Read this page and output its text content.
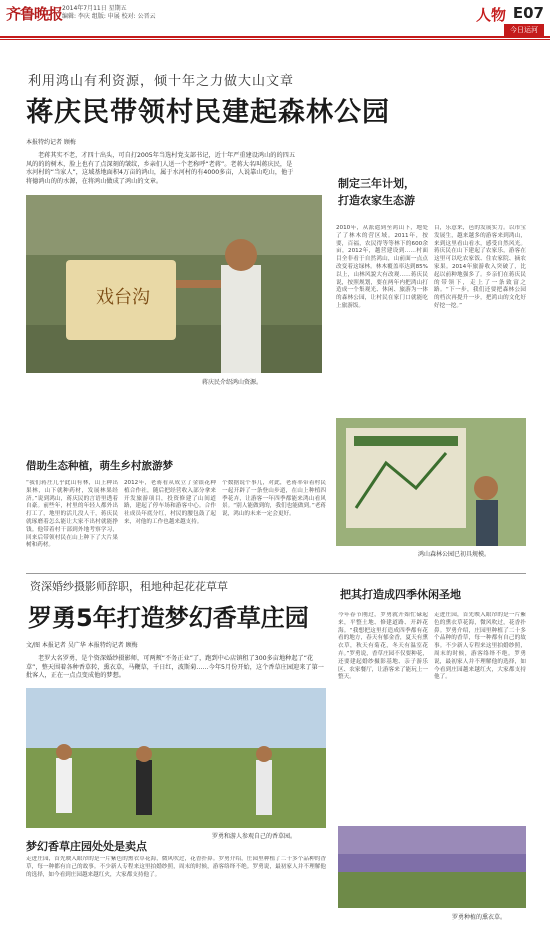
齐鲁晚报 2014年7月11日 星期五
编辑: 李庆 组版: 申展 校对: 公晋云	人物 E07
今日运河
利用鸿山有利资源，倾十年之力做大山文章
蒋庆民带领村民建起森林公园
本报特约记者 顾梅
老蒋其实不老，才四十出头，可自打2005年当选村党支部书记，近十年严重建设鸿山的的四五风的的的树木，脸上也有了点深刻的皱纹，乡亲们人送一个老称呼“老蒋”。老蒋大名叫蒋庆民，是水河村的“当家人”，这域基地面积4万亩的鸿山，属于水河村的有4000多亩，人说靠山吃山，他于将德鸿山的的水源，在将鸿山做成了鸿山的文章。	制定三年计划，
打造农家生态游
戏台沟
蒋庆民介绍鸿山资源。
2010年，从派遣到至鸿山下，地处了了林木的营区域。2011年，按要，百福，农民得等等林下的600余亩，2012年，越营建设到……村面目全非看于自然鸿山，山前面一点点改变着这绿林。林木覆盖率达到85%以上，山林风貌大有改观……蒋庆民说，按照规划，要在两年内把鸿山打造成一个集观光、休闲、旅游为一体的森林公园，让村民在家门口就能吃上旅游饭。
目，乐意来，邑的发展实力。以市宝发展生，越来越多的游客来到鸿山，来到这里看山看水，感受自然风光。蒋庆民在山下建起了农家乐，游客在这里可以吃农家饭、住农家院、摘农家果。2014年旅游收入突破了，比起以前种地强多了。乡亲们在蒋庆民的带领下，走上了一条致富之路。“下一步，我们还要把森林公园的档次再提升一步，把鸿山的文化好好挖一挖。”
鸿山森林公园已初具规模。
借助生态种植，萌生乡村旅游梦
“我们蒋庄几乎此山有林，山上种出果林，山下就种药材，发展林果经济。”说到鸿山，蒋庆民的言语里透着自豪。前些年，村里的年轻人都外出打工了，地里的活儿没人干，蒋庆民就琢磨着怎么能让大家不出村就能挣钱。他带着村干部到外地考察学习，回来后带领村民在山上种下了大片果树和药材。
2012年，老蒋看从成立了金银花种植合作社，随后把经营收入部分拿来开发旅游项目，投资修建了山间道路，建起了停车场和游客中心。合作社成员年底分红，村民的腰包鼓了起来，对他的工作也越来越支持。
个数据说个事儿，对此，老蒋率带着村民一起开辟了一条登山步道，在山上种植四季花卉，让游客一年四季都能来鸿山看风景。“别人能做到的，我们也能做到。”老蒋说，鸿山的未来一定会更好。
资深婚纱摄影师辞职，租地种起花花草草
罗勇5年打造梦幻香草庄园
文/图 本报记者 吴广华 本报特约记者 顾梅
老罗大名罗勇，是个资深婚纱摄影师，可两颊“不务正业”了，跑到中心店镇租了300多亩地种起了“花草”，整天围着各种香草转，熏衣草，马鞭草，千日红，波斯菊……今年5月份开始，这个香草庄园迎来了第一批客人，正在一点点变成他的梦想。
把其打造成四季休闲圣地
今年春节刚过，罗勇就开始忙碌起来，平整土地、修建道路、开辟花海。“我想把这里打造成四季都有花看的地方，春天有郁金香，夏天有熏衣草，秋天有菊花，冬天有温室花卉。”罗勇说，香草庄园不仅要种花，还要建起婚纱摄影基地、亲子游乐区、农家餐厅，让游客来了能玩上一整天。
走进庄园，首先映入眼帘的是一片紫色的熏衣草花海，微风吹过，花香扑鼻。罗勇介绍，庄园里种植了二十多个品种的香草，每一种都有自己的故事。不少新人专程来这里拍婚纱照，周末的时候，游客络绎不绝。罗勇说，最初家人并不理解他的选择，如今看到庄园越来越红火，大家都支持他了。
罗勇和游人参观自己的香草园。
梦幻香草庄园处处是卖点
走进庄园，首先映入眼帘的是一片紫色的熏衣草花海，微风吹过，花香扑鼻。罗勇介绍，庄园里种植了二十多个品种的香草，每一种都有自己的故事。不少新人专程来这里拍婚纱照，周末的时候，游客络绎不绝。罗勇说，最初家人并不理解他的选择，如今看到庄园越来越红火，大家都支持他了。
罗勇种植的熏衣草。
